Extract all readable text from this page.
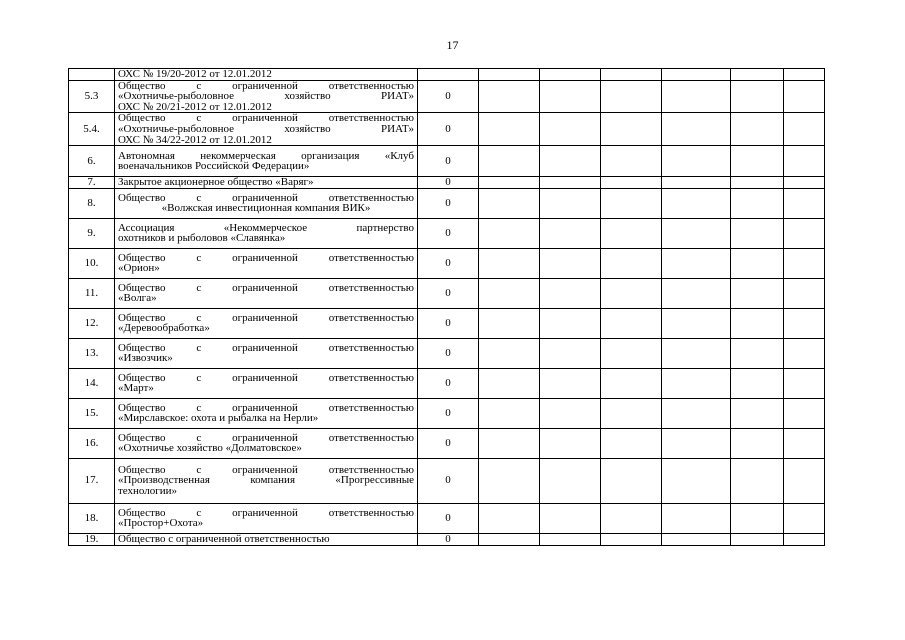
17

	ОХС № 19/20-2012 от 12.01.2012							

5.3	Общество с ограниченной ответственностью
«Охотничье-рыболовное хозяйство РИАТ»
ОХС № 20/21-2012 от 12.01.2012	0						
5.4.	Общество с ограниченной ответственностью
«Охотничье-рыболовное хозяйство РИАТ»
ОХС № 34/22-2012 от 12.01.2012	0						
6.	Автономная некоммерческая организация «Клуб
военачальников Российской Федерации»	0						
7.	Закрытое акционерное общество «Варяг»	0						
8.	Общество с ограниченной ответственностью
«Волжская инвестиционная компания ВИК»	0						
9.	Ассоциация «Некоммерческое партнерство
охотников и рыболовов «Славянка»	0						
10.	Общество с ограниченной ответственностью
«Орион»	0						
11.	Общество с ограниченной ответственностью
«Волга»	0						
12.	Общество с ограниченной ответственностью
«Деревообработка»	0						
13.	Общество с ограниченной ответственностью
«Извозчик»	0						
14.	Общество с ограниченной ответственностью
«Март»	0						
15.	Общество с ограниченной ответственностью
«Мирславское: охота и рыбалка на Нерли»	0						
16.	Общество с ограниченной ответственностью
«Охотничье хозяйство «Долматовское»	0						
17.	Общество с ограниченной ответственностью
«Производственная компания «Прогрессивные
технологии»	0						
18.	Общество с ограниченной ответственностью
«Простор+Охота»	0						
19.	Общество с ограниченной ответственностью	0						
